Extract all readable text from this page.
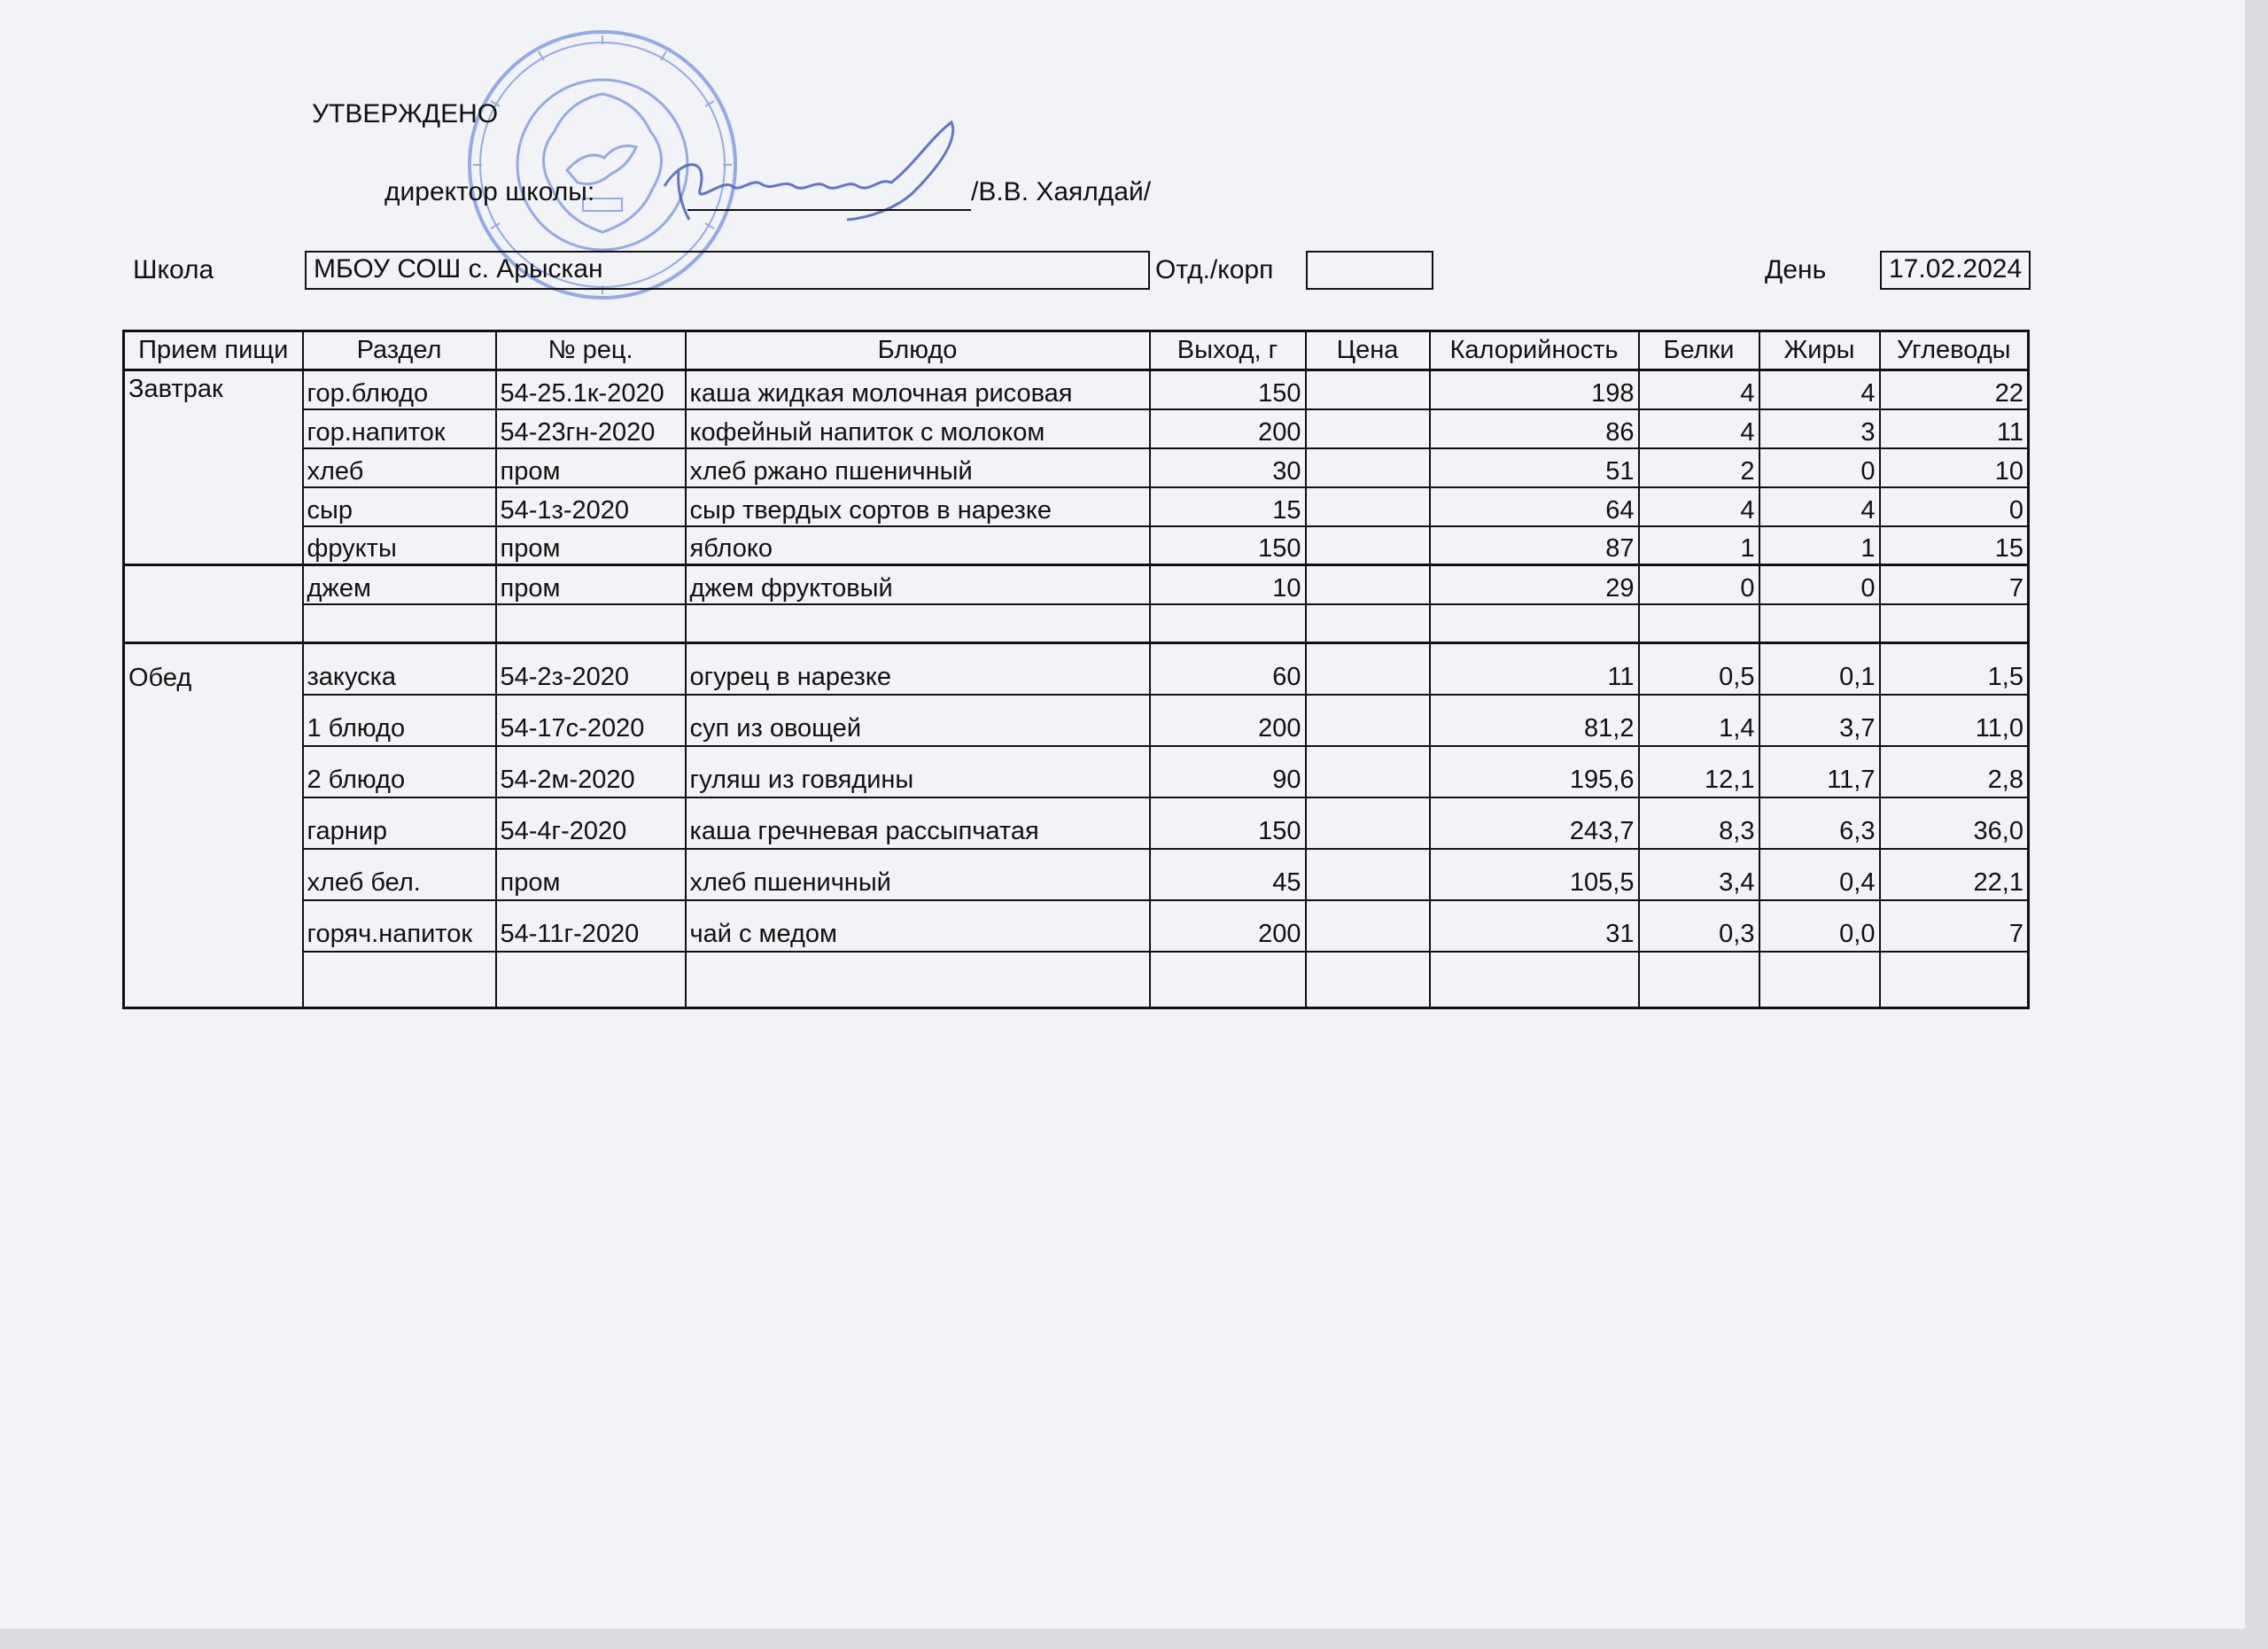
УТВЕРЖДЕНО
директор школы:	/В.В. Хаялдай/
Школа	МБОУ СОШ с. Арыскан	Отд./корп	День	17.02.2024
Прием пищи	Раздел	№ рец.	Блюдо	Выход, г	Цена	Калорийность	Белки	Жиры	Углеводы
Завтрак	гор.блюдо	54-25.1к-2020	каша жидкая молочная рисовая	150		198	4	4	22
	гор.напиток	54-23гн-2020	кофейный напиток с молоком	200		86	4	3	11
	хлеб	пром	хлеб ржано пшеничный	30		51	2	0	10
	сыр	54-1з-2020	сыр твердых сортов в нарезке	15		64	4	4	0
	фрукты	пром	яблоко	150		87	1	1	15
	джем	пром	джем фруктовый	10		29	0	0	7

Обед	закуска	54-2з-2020	огурец в нарезке	60		11	0,5	0,1	1,5
	1 блюдо	54-17с-2020	суп из овощей	200		81,2	1,4	3,7	11,0
	2 блюдо	54-2м-2020	гуляш из говядины	90		195,6	12,1	11,7	2,8
	гарнир	54-4г-2020	каша гречневая рассыпчатая	150		243,7	8,3	6,3	36,0
	хлеб бел.	пром	хлеб пшеничный	45		105,5	3,4	0,4	22,1
	горяч.напиток	54-11г-2020	чай с медом	200		31	0,3	0,0	7
